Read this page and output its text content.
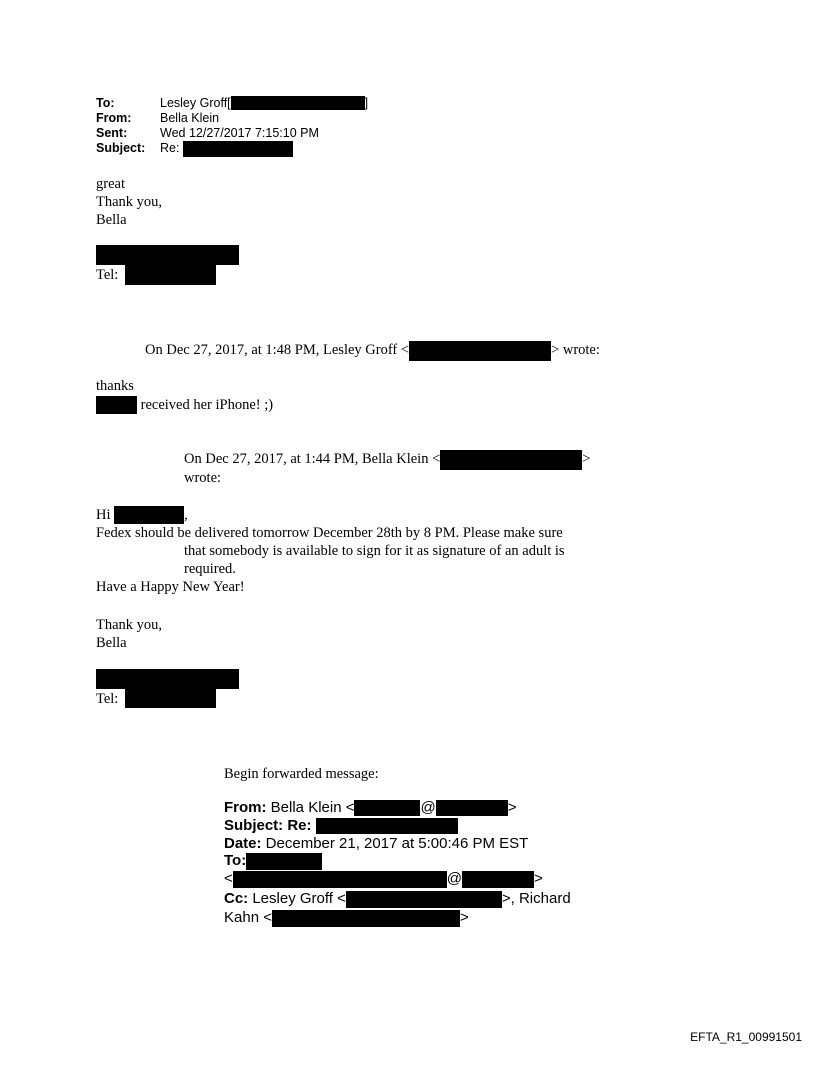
To:	Lesley Groff[	]
From: Bella Klein
Sent:	Wed 12/27/2017 7:15:10 PM
Subject: Re:
great
Thank you,
Bella
Tel:
On Dec 27, 2017, at 1:48 PM, Lesley Groff <	> wrote:
thanks
received her iPhone! ;)
On Dec 27, 2017, at 1:44 PM, Bella Klein <	>
wrote:
Hi	,
Fedex should be delivered tomorrow December 28th by 8 PM. Please make sure
that somebody is available to sign for it as signature of an adult is
required.
Have a Happy New Year!
Thank you,
Bella
Tel:
Begin forwarded message:
From: Bella Klein <	@	>
Subject: Re:
Date: December 21, 2017 at 5:00:46 PM EST
To:
<	@	>
Cc: Lesley Groff <	>, Richard
Kahn <	>
EFTA_R1_00991501
